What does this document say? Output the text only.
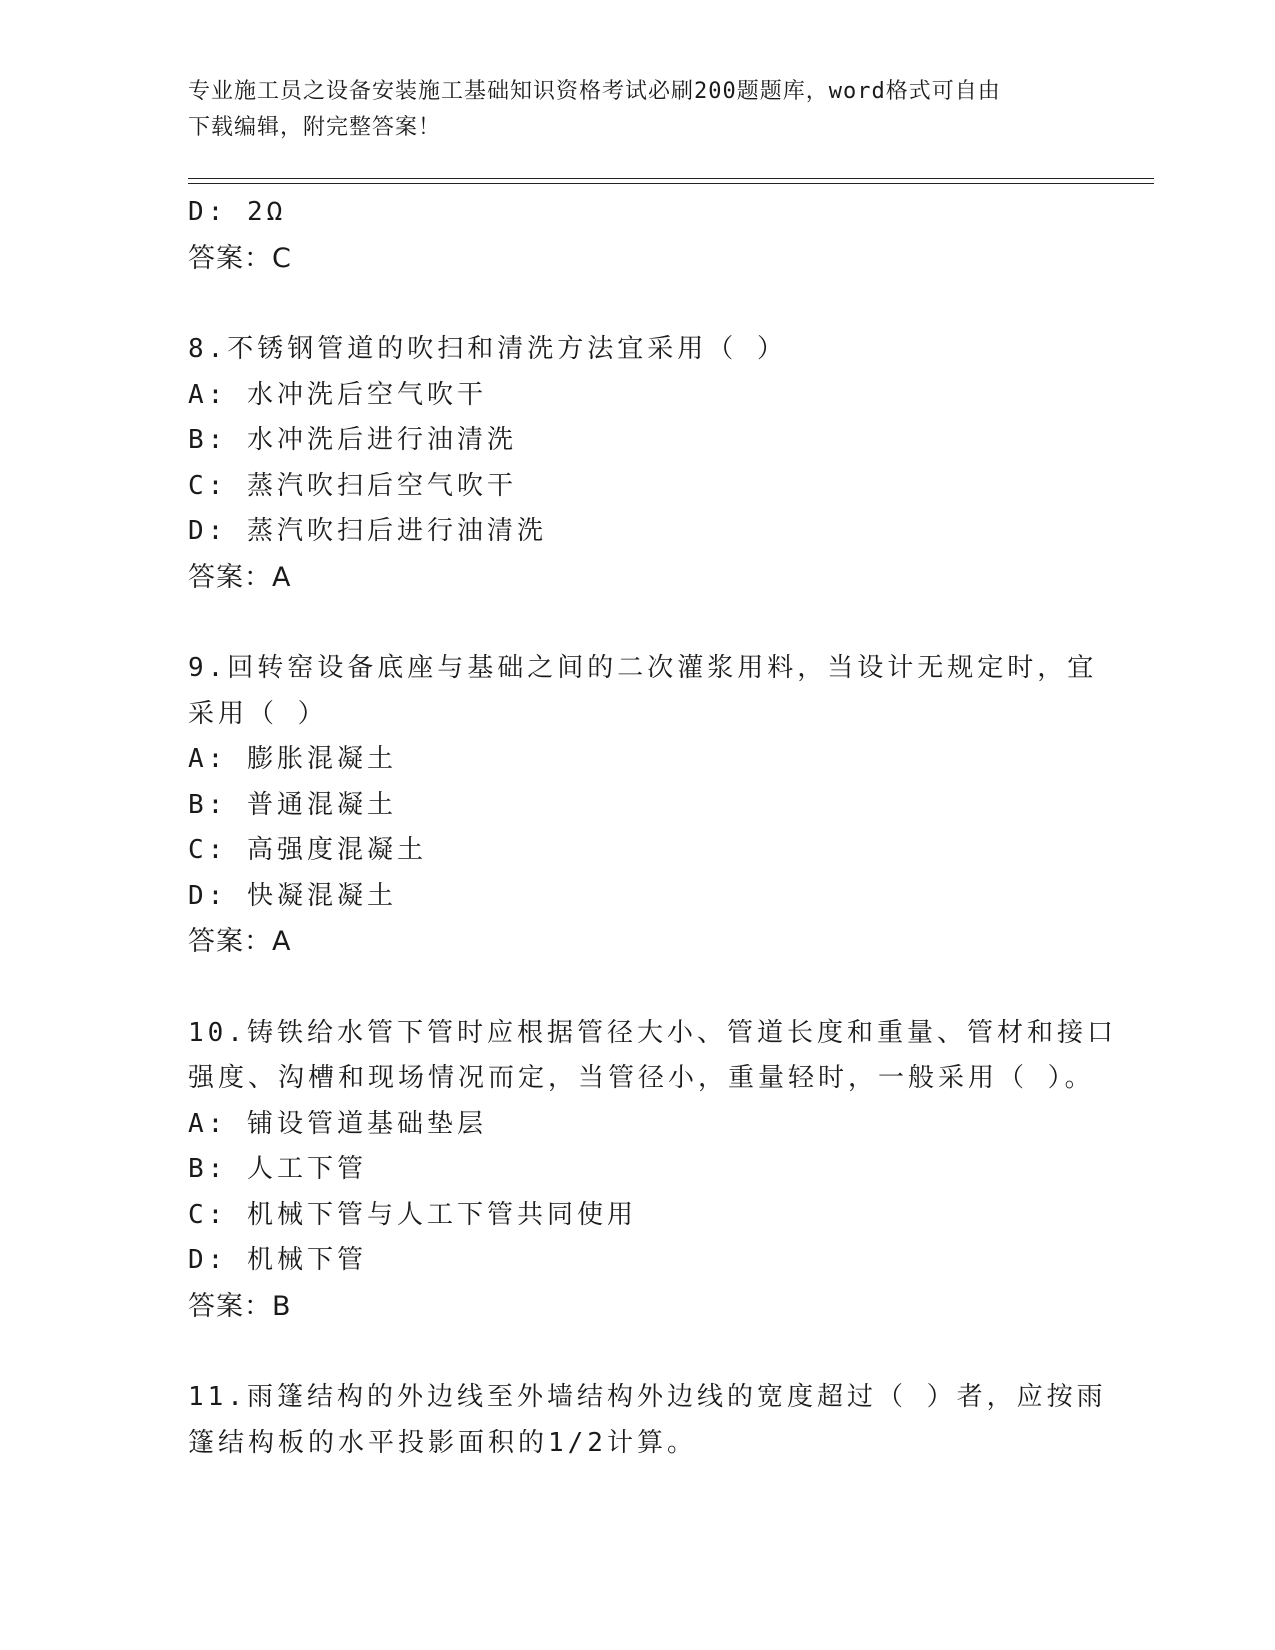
专业施工员之设备安装施工基础知识资格考试必刷200题题库，word格式可自由
下载编辑，附完整答案！
D: 2Ω
答案：C
8.不锈钢管道的吹扫和清洗方法宜采用（ ）
A: 水冲洗后空气吹干
B: 水冲洗后进行油清洗
C: 蒸汽吹扫后空气吹干
D: 蒸汽吹扫后进行油清洗
答案：A
9.回转窑设备底座与基础之间的二次灌浆用料，当设计无规定时，宜
采用（ ）
A: 膨胀混凝土
B: 普通混凝土
C: 高强度混凝土
D: 快凝混凝土
答案：A
10.铸铁给水管下管时应根据管径大小、管道长度和重量、管材和接口
强度、沟槽和现场情况而定，当管径小，重量轻时，一般采用（ ）。
A: 铺设管道基础垫层
B: 人工下管
C: 机械下管与人工下管共同使用
D: 机械下管
答案：B
11.雨篷结构的外边线至外墙结构外边线的宽度超过（ ）者，应按雨
篷结构板的水平投影面积的1/2计算。
